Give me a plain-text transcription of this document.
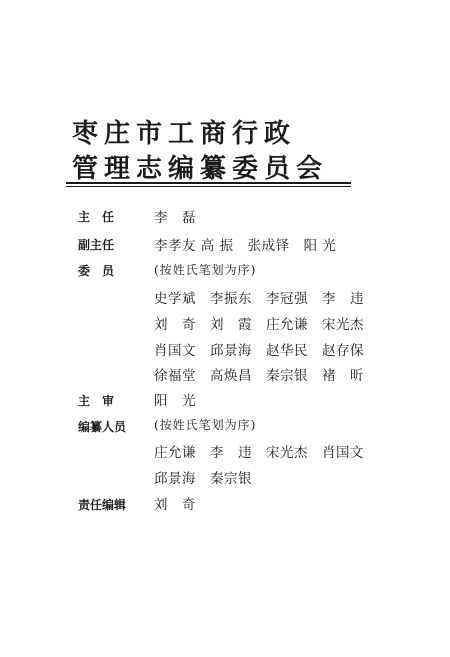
枣庄市工商行政
管理志编纂委员会
主　任	李　磊
副主任	李孝友 高 振　张成铎　阳 光
委　员	(按姓氏笔划为序)
史学斌　李振东　李冠强　李　违
刘　奇　刘　霞　庄允谦　宋光杰
肖国文　邱景海　赵华民　赵存保
徐福堂　高焕昌　秦宗银　褚　昕
主　审	阳　光
编纂人员	(按姓氏笔划为序)
庄允谦　李　违　宋光杰　肖国文
邱景海　秦宗银
责任编辑	刘　奇
